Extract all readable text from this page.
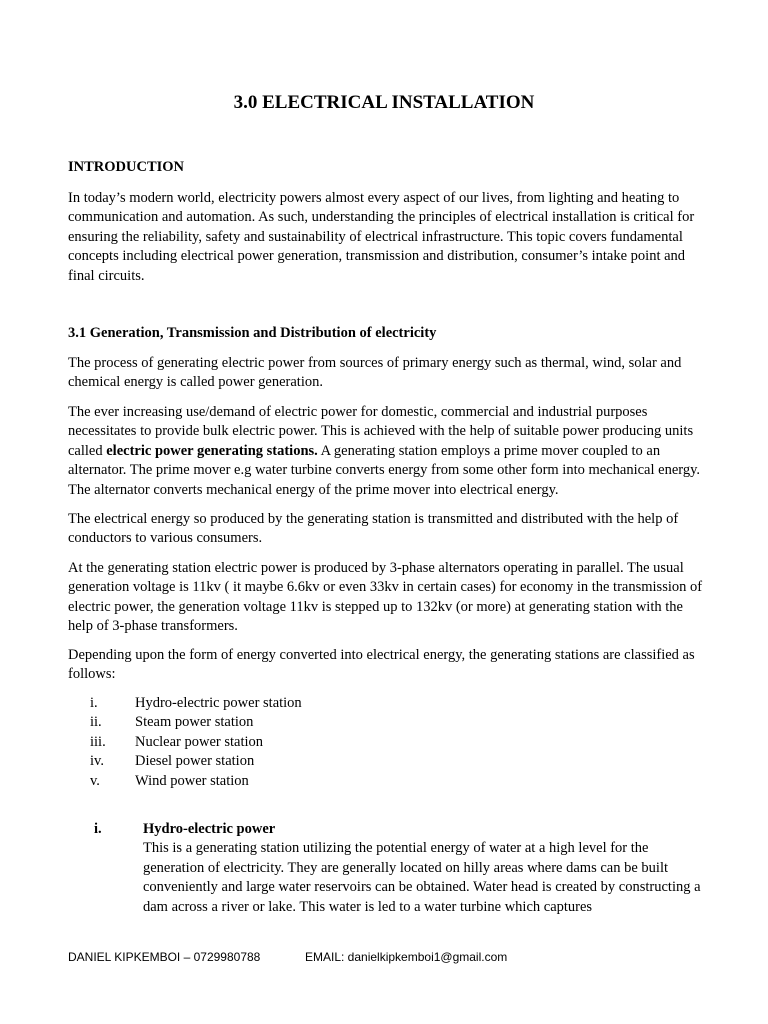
3.0 ELECTRICAL INSTALLATION

INTRODUCTION

In today’s modern world, electricity powers almost every aspect of our lives, from lighting and heating to communication and automation. As such, understanding the principles of electrical installation is critical for ensuring the reliability, safety and sustainability of electrical infrastructure. This topic covers fundamental concepts including electrical power generation, transmission and distribution, consumer’s intake point and final circuits.

3.1 Generation, Transmission and Distribution of electricity

The process of generating electric power from sources of primary energy such as thermal, wind, solar and chemical energy is called power generation.

The ever increasing use/demand of electric power for domestic, commercial and industrial purposes necessitates to provide bulk electric power. This is achieved with the help of suitable power producing units called electric power generating stations. A generating station employs a prime mover coupled to an alternator. The prime mover e.g water turbine converts energy from some other form into mechanical energy. The alternator converts mechanical energy of the prime mover into electrical energy.

The electrical energy so produced by the generating station is transmitted and distributed with the help of conductors to various consumers.

At the generating station electric power is produced by 3-phase alternators operating in parallel. The usual generation voltage is 11kv ( it maybe 6.6kv or even 33kv in certain cases) for economy in the transmission of electric power, the generation voltage 11kv is stepped up to 132kv (or more) at generating station with the help of 3-phase transformers.

Depending upon the form of energy converted into electrical energy, the generating stations are classified as follows:

i.	Hydro-electric power station
ii. Steam power station
iii. Nuclear power station
iv. Diesel power station
v. Wind power station
i.	Hydro-electric power
This is a generating station utilizing the potential energy of water at a high level for the generation of electricity. They are generally located on hilly areas where dams can be built conveniently and large water reservoirs can be obtained. Water head is created by constructing a dam across a river or lake. This water is led to a water turbine which captures
DANIEL KIPKEMBOI – 0729980788	EMAIL: danielkipkemboi1@gmail.com
